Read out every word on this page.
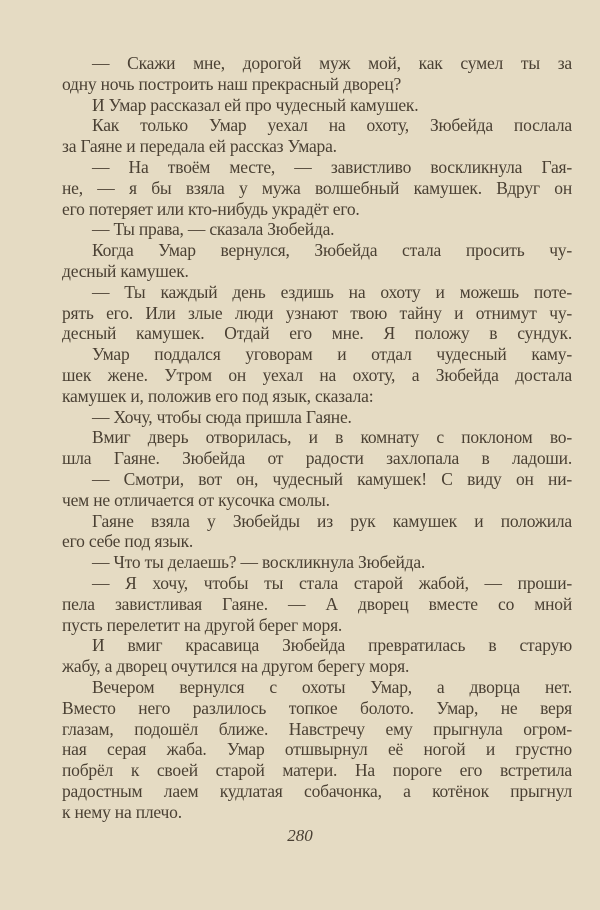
— Скажи мне, дорогой муж мой, как сумел ты за
одну ночь построить наш прекрасный дворец?
И Умар рассказал ей про чудесный камушек.
Как только Умар уехал на охоту, Зюбейда послала
за Гаяне и передала ей рассказ Умара.
— На твоём месте, — завистливо воскликнула Гая-
не, — я бы взяла у мужа волшебный камушек. Вдруг он
его потеряет или кто-нибудь украдёт его.
— Ты права, — сказала Зюбейда.
Когда Умар вернулся, Зюбейда стала просить чу-
десный камушек.
— Ты каждый день ездишь на охоту и можешь поте-
рять его. Или злые люди узнают твою тайну и отнимут чу-
десный камушек. Отдай его мне. Я положу в сундук.
Умар поддался уговорам и отдал чудесный каму-
шек жене. Утром он уехал на охоту, а Зюбейда достала
камушек и, положив его под язык, сказала:
— Хочу, чтобы сюда пришла Гаяне.
Вмиг дверь отворилась, и в комнату с поклоном во-
шла Гаяне. Зюбейда от радости захлопала в ладоши.
— Смотри, вот он, чудесный камушек! С виду он ни-
чем не отличается от кусочка смолы.
Гаяне взяла у Зюбейды из рук камушек и положила
его себе под язык.
— Что ты делаешь? — воскликнула Зюбейда.
— Я хочу, чтобы ты стала старой жабой, — проши-
пела завистливая Гаяне. — А дворец вместе со мной
пусть перелетит на другой берег моря.
И вмиг красавица Зюбейда превратилась в старую
жабу, а дворец очутился на другом берегу моря.
Вечером вернулся с охоты Умар, а дворца нет.
Вместо него разлилось топкое болото. Умар, не веря
глазам, подошёл ближе. Навстречу ему прыгнула огром-
ная серая жаба. Умар отшвырнул её ногой и грустно
побрёл к своей старой матери. На пороге его встретила
радостным лаем кудлатая собачонка, а котёнок прыгнул
к нему на плечо.
280
